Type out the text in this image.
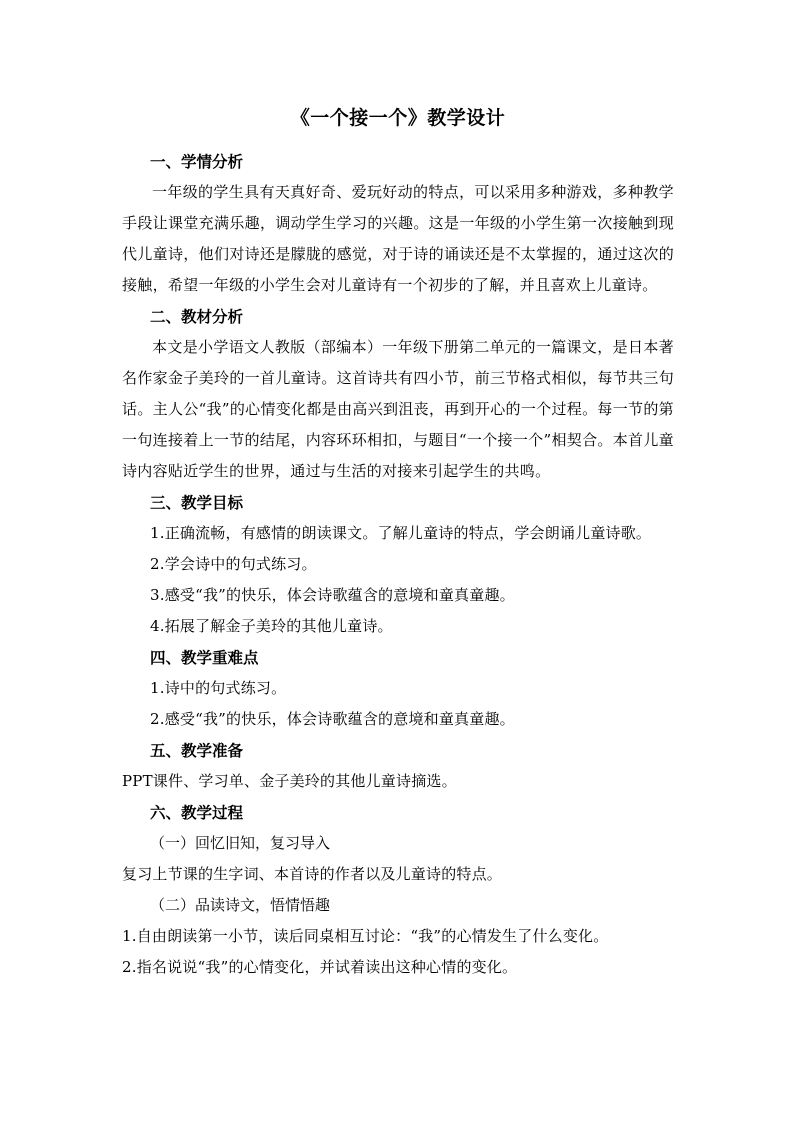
《一个接一个》教学设计
一、学情分析
一年级的学生具有天真好奇、爱玩好动的特点，可以采用多种游戏，多种教学手段让课堂充满乐趣，调动学生学习的兴趣。这是一年级的小学生第一次接触到现代儿童诗，他们对诗还是朦胧的感觉，对于诗的诵读还是不太掌握的，通过这次的接触，希望一年级的小学生会对儿童诗有一个初步的了解，并且喜欢上儿童诗。
二、教材分析
本文是小学语文人教版（部编本）一年级下册第二单元的一篇课文，是日本著名作家金子美玲的一首儿童诗。这首诗共有四小节，前三节格式相似，每节共三句话。主人公“我”的心情变化都是由高兴到沮丧，再到开心的一个过程。每一节的第一句连接着上一节的结尾，内容环环相扣，与题目“一个接一个”相契合。本首儿童诗内容贴近学生的世界，通过与生活的对接来引起学生的共鸣。
三、教学目标
1.正确流畅，有感情的朗读课文。了解儿童诗的特点，学会朗诵儿童诗歌。
2.学会诗中的句式练习。
3.感受“我”的快乐，体会诗歌蕴含的意境和童真童趣。
4.拓展了解金子美玲的其他儿童诗。
四、教学重难点
1.诗中的句式练习。
2.感受“我”的快乐，体会诗歌蕴含的意境和童真童趣。
五、教学准备
PPT课件、学习单、金子美玲的其他儿童诗摘选。
六、教学过程
（一）回忆旧知，复习导入
复习上节课的生字词、本首诗的作者以及儿童诗的特点。
（二）品读诗文，悟情悟趣
1.自由朗读第一小节，读后同桌相互讨论：“我”的心情发生了什么变化。
2.指名说说“我”的心情变化，并试着读出这种心情的变化。
